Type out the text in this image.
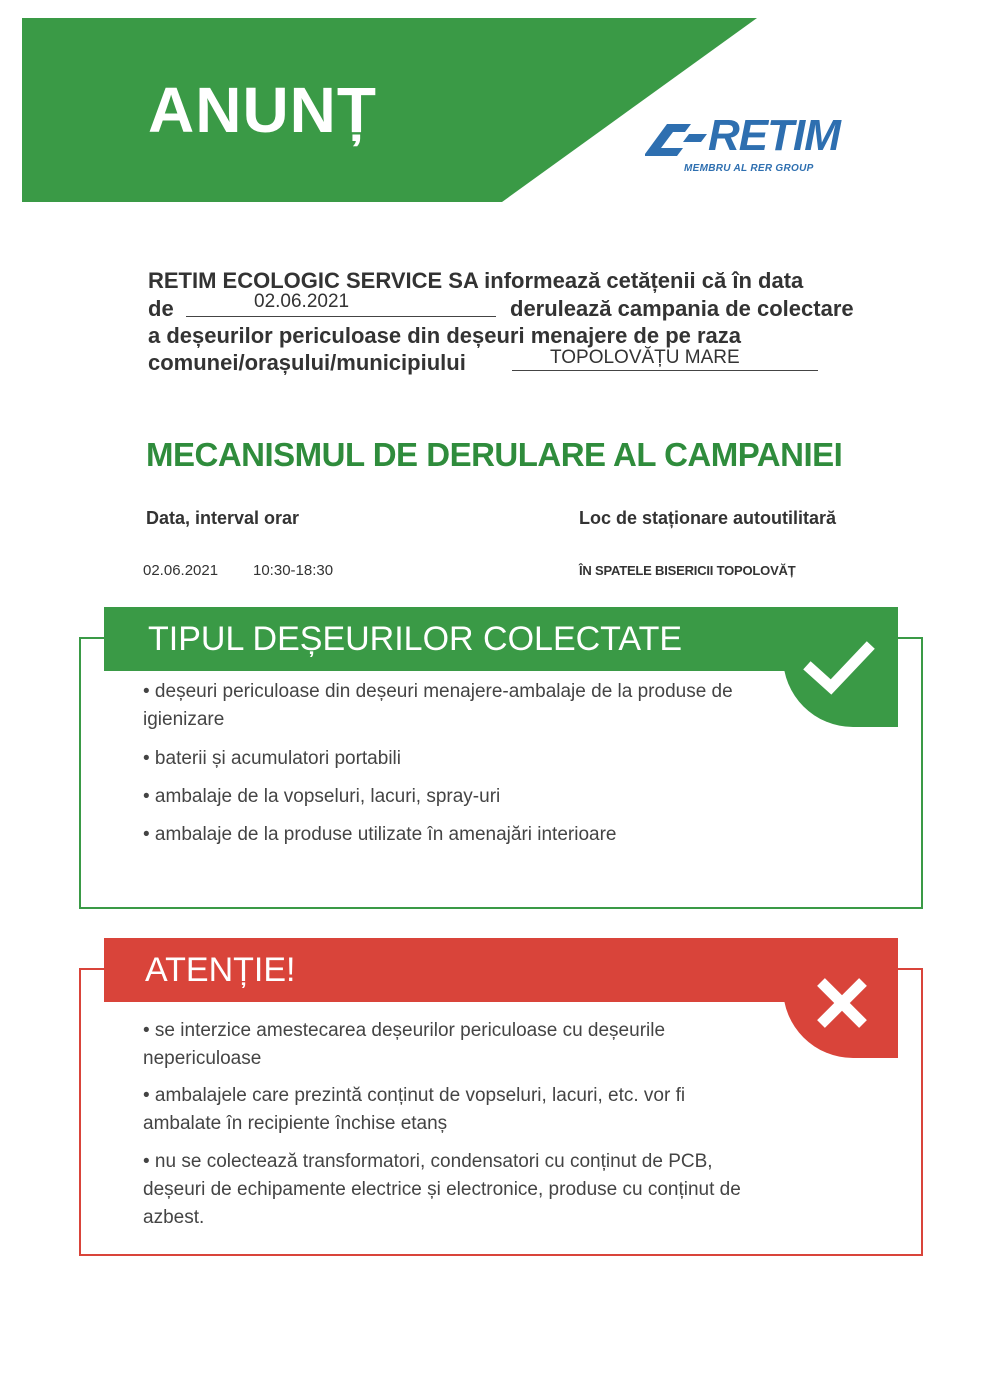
ANUNȚ	RETIM
MEMBRU AL RER GROUP
RETIM ECOLOGIC SERVICE SA informează cetățenii că în data
de	02.06.2021	derulează campania de colectare
a deșeurilor periculoase din deșeuri menajere de pe raza
comunei/orașului/municipiului	TOPOLOVĂȚU MARE
MECANISMUL DE DERULARE AL CAMPANIEI
Data, interval orar	Loc de staționare autoutilitară
02.06.2021 10:30-18:30	ÎN SPATELE BISERICII TOPOLOVĂȚ
TIPUL DEȘEURILOR COLECTATE
• deșeuri periculoase din deșeuri menajere-ambalaje de la produse de igienizare
• baterii și acumulatori portabili
• ambalaje de la vopseluri, lacuri, spray-uri
• ambalaje de la produse utilizate în amenajări interioare
ATENȚIE!
• se interzice amestecarea deșeurilor periculoase cu deșeurile nepericuloase
• ambalajele care prezintă conținut de vopseluri, lacuri, etc. vor fi ambalate în recipiente închise etanș
• nu se colectează transformatori, condensatori cu conținut de PCB, deșeuri de echipamente electrice și electronice, produse cu conținut de azbest.
